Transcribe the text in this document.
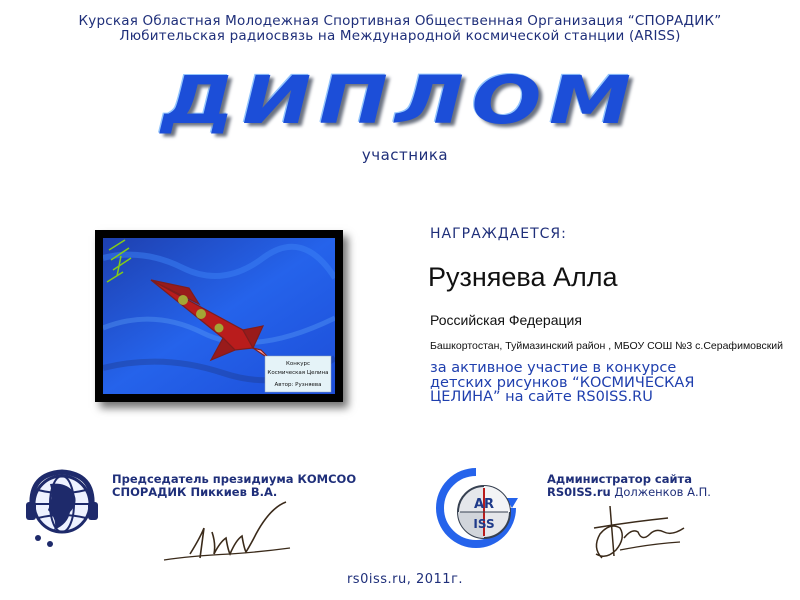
Курская Областная Молодежная Спортивная Общественная Организация “СПОРАДИК”
Любительская радиосвязь на Международной космической станции (ARISS)
ДИПЛОМ
участника
Конкурс
Космическая Целина
Автор: Рузняева
НАГРАЖДАЕТСЯ:
Рузняева Алла
Российская Федерация
Башкортостан, Туймазинский район , МБОУ СОШ №3 с.Серафимовский
за активное участие в конкурсе
детских рисунков “КОСМИЧЕСКАЯ
ЦЕЛИНА” на сайте RS0ISS.RU
Председатель президиума КОМСОО
СПОРАДИК Пиккиев В.А.
AR
ISS
Администратор сайта
RS0ISS.ru Долженков А.П.
rs0iss.ru, 2011г.
